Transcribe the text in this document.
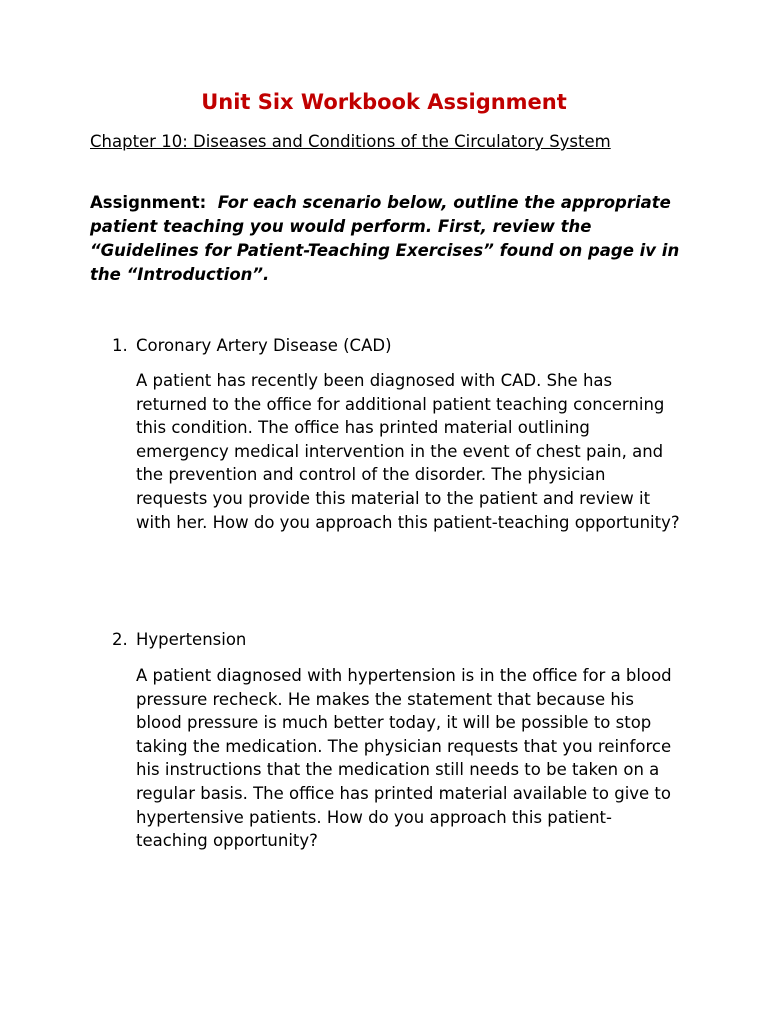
Unit Six Workbook Assignment

Chapter 10: Diseases and Conditions of the Circulatory System

Assignment: For each scenario below, outline the appropriate patient teaching you would perform. First, review the “Guidelines for Patient-Teaching Exercises” found on page iv in the “Introduction”.

1. Coronary Artery Disease (CAD)

A patient has recently been diagnosed with CAD. She has returned to the office for additional patient teaching concerning this condition. The office has printed material outlining emergency medical intervention in the event of chest pain, and the prevention and control of the disorder. The physician requests you provide this material to the patient and review it with her. How do you approach this patient-teaching opportunity?

2. Hypertension

A patient diagnosed with hypertension is in the office for a blood pressure recheck. He makes the statement that because his blood pressure is much better today, it will be possible to stop taking the medication. The physician requests that you reinforce his instructions that the medication still needs to be taken on a regular basis. The office has printed material available to give to hypertensive patients. How do you approach this patient-teaching opportunity?
